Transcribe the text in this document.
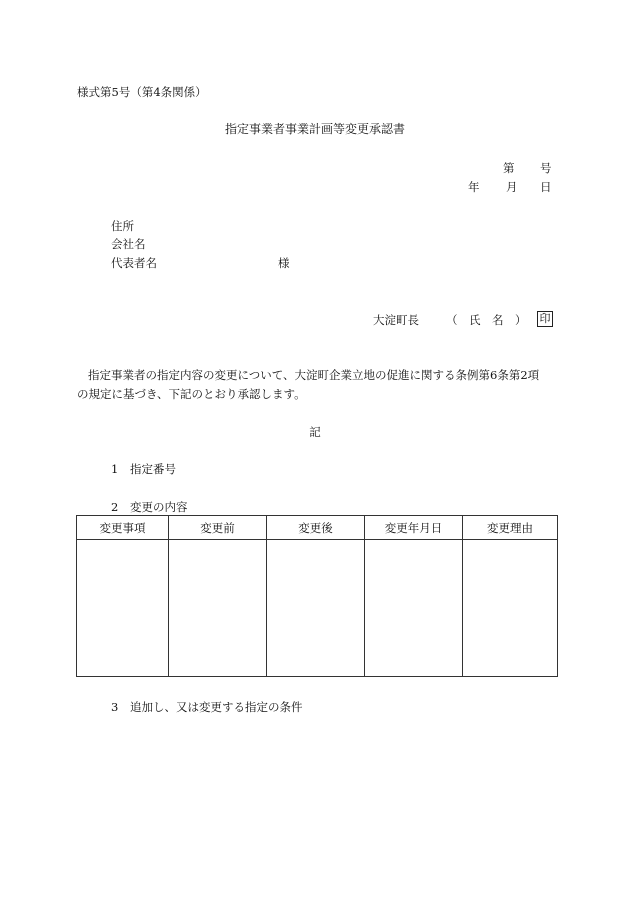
様式第5号（第4条関係）
指定事業者事業計画等変更承認書
第 号
年 月 日
住所
会社名
代表者名	様
大淀町長 （　氏　名　） 印
指定事業者の指定内容の変更について、大淀町企業立地の促進に関する条例第6条第2項
の規定に基づき、下記のとおり承認します。
記
1 指定番号
2 変更の内容
変更事項	変更前	変更後	変更年月日	変更理由

3 追加し、又は変更する指定の条件
